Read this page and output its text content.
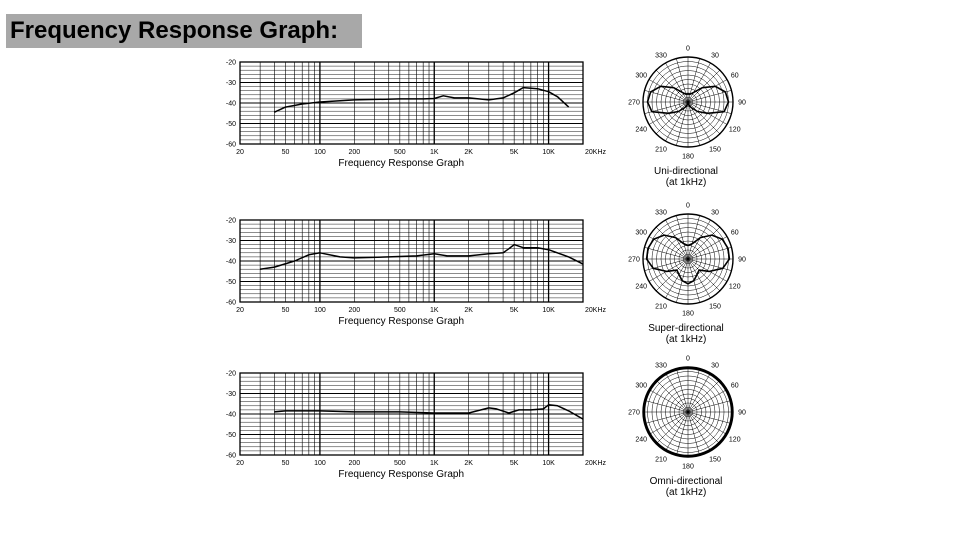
Frequency Response Graph:
-20
-30
-40
-50
-60
20	50	100	200	500	1K	2K	5K	10K	20KHz
Frequency Response Graph
-20
-30
-40
-50
-60
20	50	100	200	500	1K	2K	5K	10K	20KHz
Frequency Response Graph
-20
-30
-40
-50
-60
20	50	100	200	500	1K	2K	5K	10K	20KHz
Frequency Response Graph
0
30
60
90
120
150
180
210
240
270
300
330
Uni-directional
(at 1kHz)
0
30
60
90
120
150
180
210
240
270
300
330
Super-directional
(at 1kHz)
0
30
60
90
120
150
180
210
240
270
300
330
Omni-directional
(at 1kHz)
